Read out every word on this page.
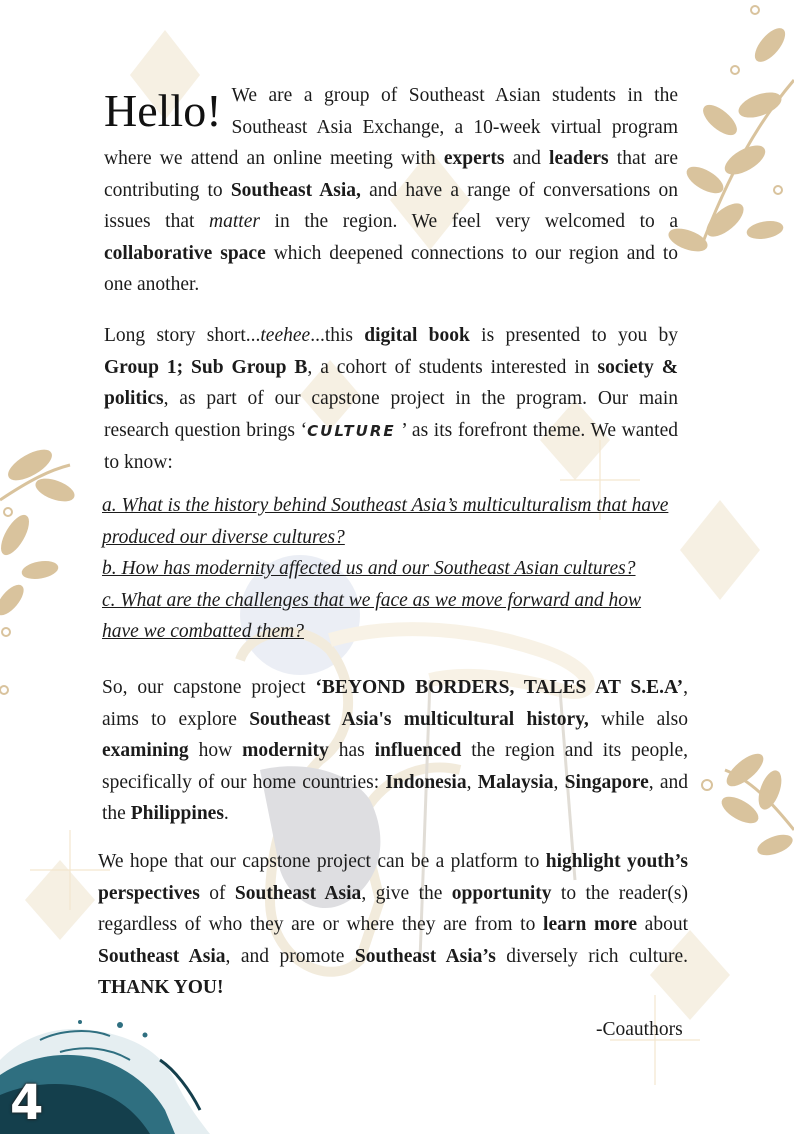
Hello! We are a group of Southeast Asian students in the Southeast Asia Exchange, a 10-week virtual program where we attend an online meeting with experts and leaders that are contributing to Southeast Asia, and have a range of conversations on issues that matter in the region. We feel very welcomed to a collaborative space which deepened connections to our region and to one another.

Long story short...teehee...this digital book is presented to you by Group 1; Sub Group B, a cohort of students interested in society & politics, as part of our capstone project in the program. Our main research question brings ‘CULTURE ’ as its forefront theme. We wanted to know:

a. What is the history behind Southeast Asia’s multiculturalism that have produced our diverse cultures?

b. How has modernity affected us and our Southeast Asian cultures?

c. What are the challenges that we face as we move forward and how have we combatted them?

So, our capstone project ‘BEYOND BORDERS, TALES AT S.E.A’, aims to explore Southeast Asia's multicultural history, while also examining how modernity has influenced the region and its people, specifically of our home countries: Indonesia, Malaysia, Singapore, and the Philippines.

We hope that our capstone project can be a platform to highlight youth’s perspectives of Southeast Asia, give the opportunity to the reader(s) regardless of who they are or where they are from to learn more about Southeast Asia, and promote Southeast Asia’s diversely rich culture. THANK YOU!

-Coauthors
4
